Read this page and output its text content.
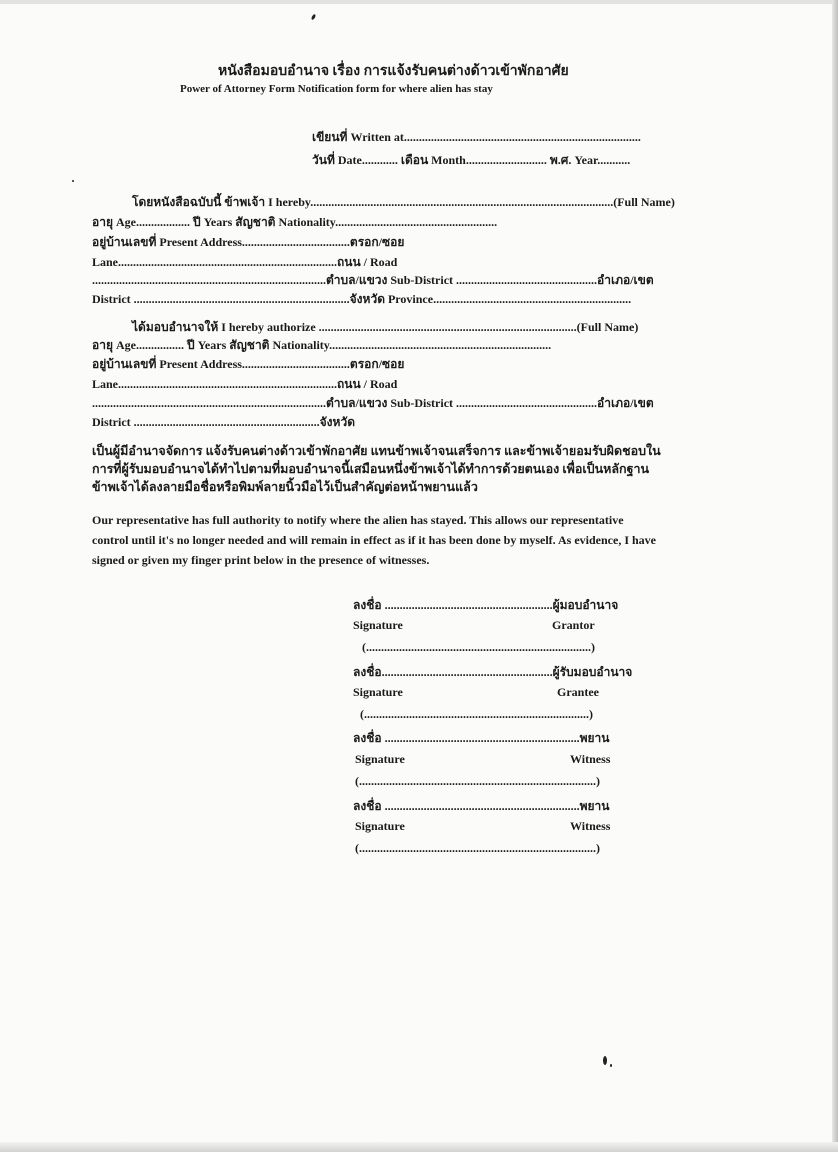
หนังสือมอบอำนาจ เรื่อง การแจ้งรับคนต่างด้าวเข้าพักอาศัย
Power of Attorney Form Notification form for where alien has stay
เขียนที่ Written at...............................................................................
วันที่ Date............ เดือน Month........................... พ.ศ. Year...........
โดยหนังสือฉบับนี้ ข้าพเจ้า I hereby.....................................................................................................(Full Name)
อายุ Age.................. ปี Years สัญชาติ Nationality......................................................
อยู่บ้านเลขที่ Present Address....................................ตรอก/ซอย
Lane.........................................................................ถนน / Road
..............................................................................ตำบล/แขวง Sub-District ...............................................อำเภอ/เขต
District ........................................................................จังหวัด Province..................................................................
ได้มอบอำนาจให้ I hereby authorize ......................................................................................(Full Name)
อายุ Age................ ปี Years สัญชาติ Nationality..........................................................................
อยู่บ้านเลขที่ Present Address....................................ตรอก/ซอย
Lane.........................................................................ถนน / Road
..............................................................................ตำบล/แขวง Sub-District ...............................................อำเภอ/เขต
District ..............................................................จังหวัด
เป็นผู้มีอำนาจจัดการ แจ้งรับคนต่างด้าวเข้าพักอาศัย แทนข้าพเจ้าจนเสร็จการ และข้าพเจ้ายอมรับผิดชอบในการที่ผู้รับมอบอำนาจได้ทำไปตามที่มอบอำนาจนี้เสมือนหนึ่งข้าพเจ้าได้ทำการด้วยตนเอง เพื่อเป็นหลักฐานข้าพเจ้าได้ลงลายมือชื่อหรือพิมพ์ลายนิ้วมือไว้เป็นสำคัญต่อหน้าพยานแล้ว
Our representative has full authority to notify where the alien has stayed. This allows our representative control until it's no longer needed and will remain in effect as if it has been done by myself. As evidence, I have signed or given my finger print below in the presence of witnesses.
ลงชื่อ ........................................................ผู้มอบอำนาจ
Signature	Grantor
(...........................................................................)
ลงชื่อ.........................................................ผู้รับมอบอำนาจ
Signature	Grantee
(...........................................................................)
ลงชื่อ .................................................................พยาน
Signature	Witness
(...............................................................................)
ลงชื่อ .................................................................พยาน
Signature	Witness
(...............................................................................)
